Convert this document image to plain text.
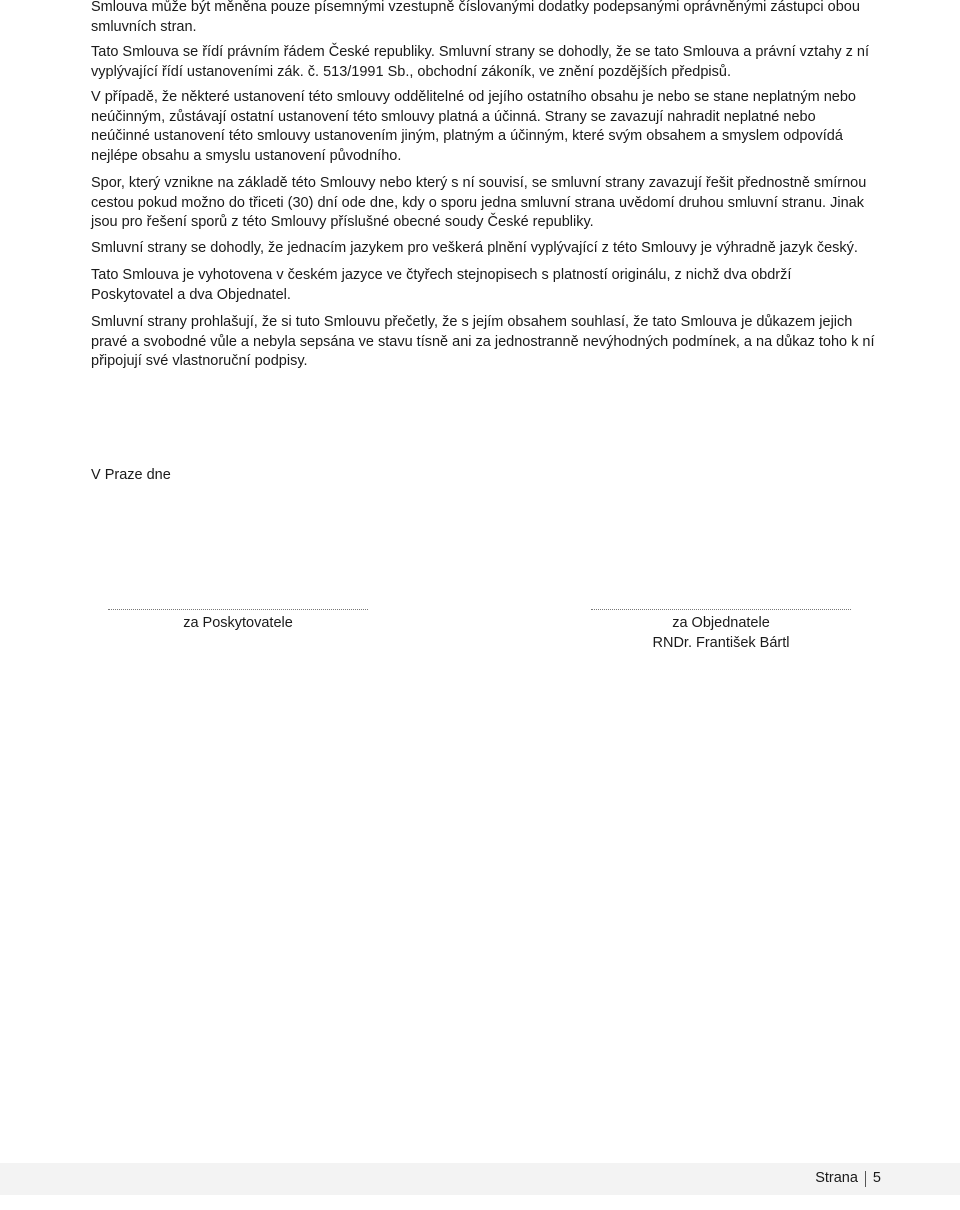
Smlouva může být měněna pouze písemnými vzestupně číslovanými dodatky podepsanými oprávněnými zástupci obou smluvních stran.

Tato Smlouva se řídí právním řádem České republiky. Smluvní strany se dohodly, že se tato Smlouva a právní vztahy z ní vyplývající řídí ustanoveními zák. č. 513/1991 Sb., obchodní zákoník, ve znění pozdějších předpisů.

V případě, že některé ustanovení této smlouvy oddělitelné od jejího ostatního obsahu je nebo se stane neplatným nebo neúčinným, zůstávají ostatní ustanovení této smlouvy platná a účinná. Strany se zavazují nahradit neplatné nebo neúčinné ustanovení této smlouvy ustanovením jiným, platným a účinným, které svým obsahem a smyslem odpovídá nejlépe obsahu a smyslu ustanovení původního.

Spor, který vznikne na základě této Smlouvy nebo který s ní souvisí, se smluvní strany zavazují řešit přednostně smírnou cestou pokud možno do třiceti (30) dní ode dne, kdy o sporu jedna smluvní strana uvědomí druhou smluvní stranu. Jinak jsou pro řešení sporů z této Smlouvy příslušné obecné soudy České republiky.

Smluvní strany se dohodly, že jednacím jazykem pro veškerá plnění vyplývající z této Smlouvy je výhradně jazyk český.

Tato Smlouva je vyhotovena v českém jazyce ve čtyřech stejnopisech s platností originálu, z nichž dva obdrží Poskytovatel a dva Objednatel.

Smluvní strany prohlašují, že si tuto Smlouvu přečetly, že s jejím obsahem souhlasí, že tato Smlouva je důkazem jejich pravé a svobodné vůle a nebyla sepsána ve stavu tísně ani za jednostranně nevýhodných podmínek, a na důkaz toho k ní připojují své vlastnoruční podpisy.

V Praze dne

za Poskytovatele	za Objednatele
RNDr. František Bártl
Strana 5
